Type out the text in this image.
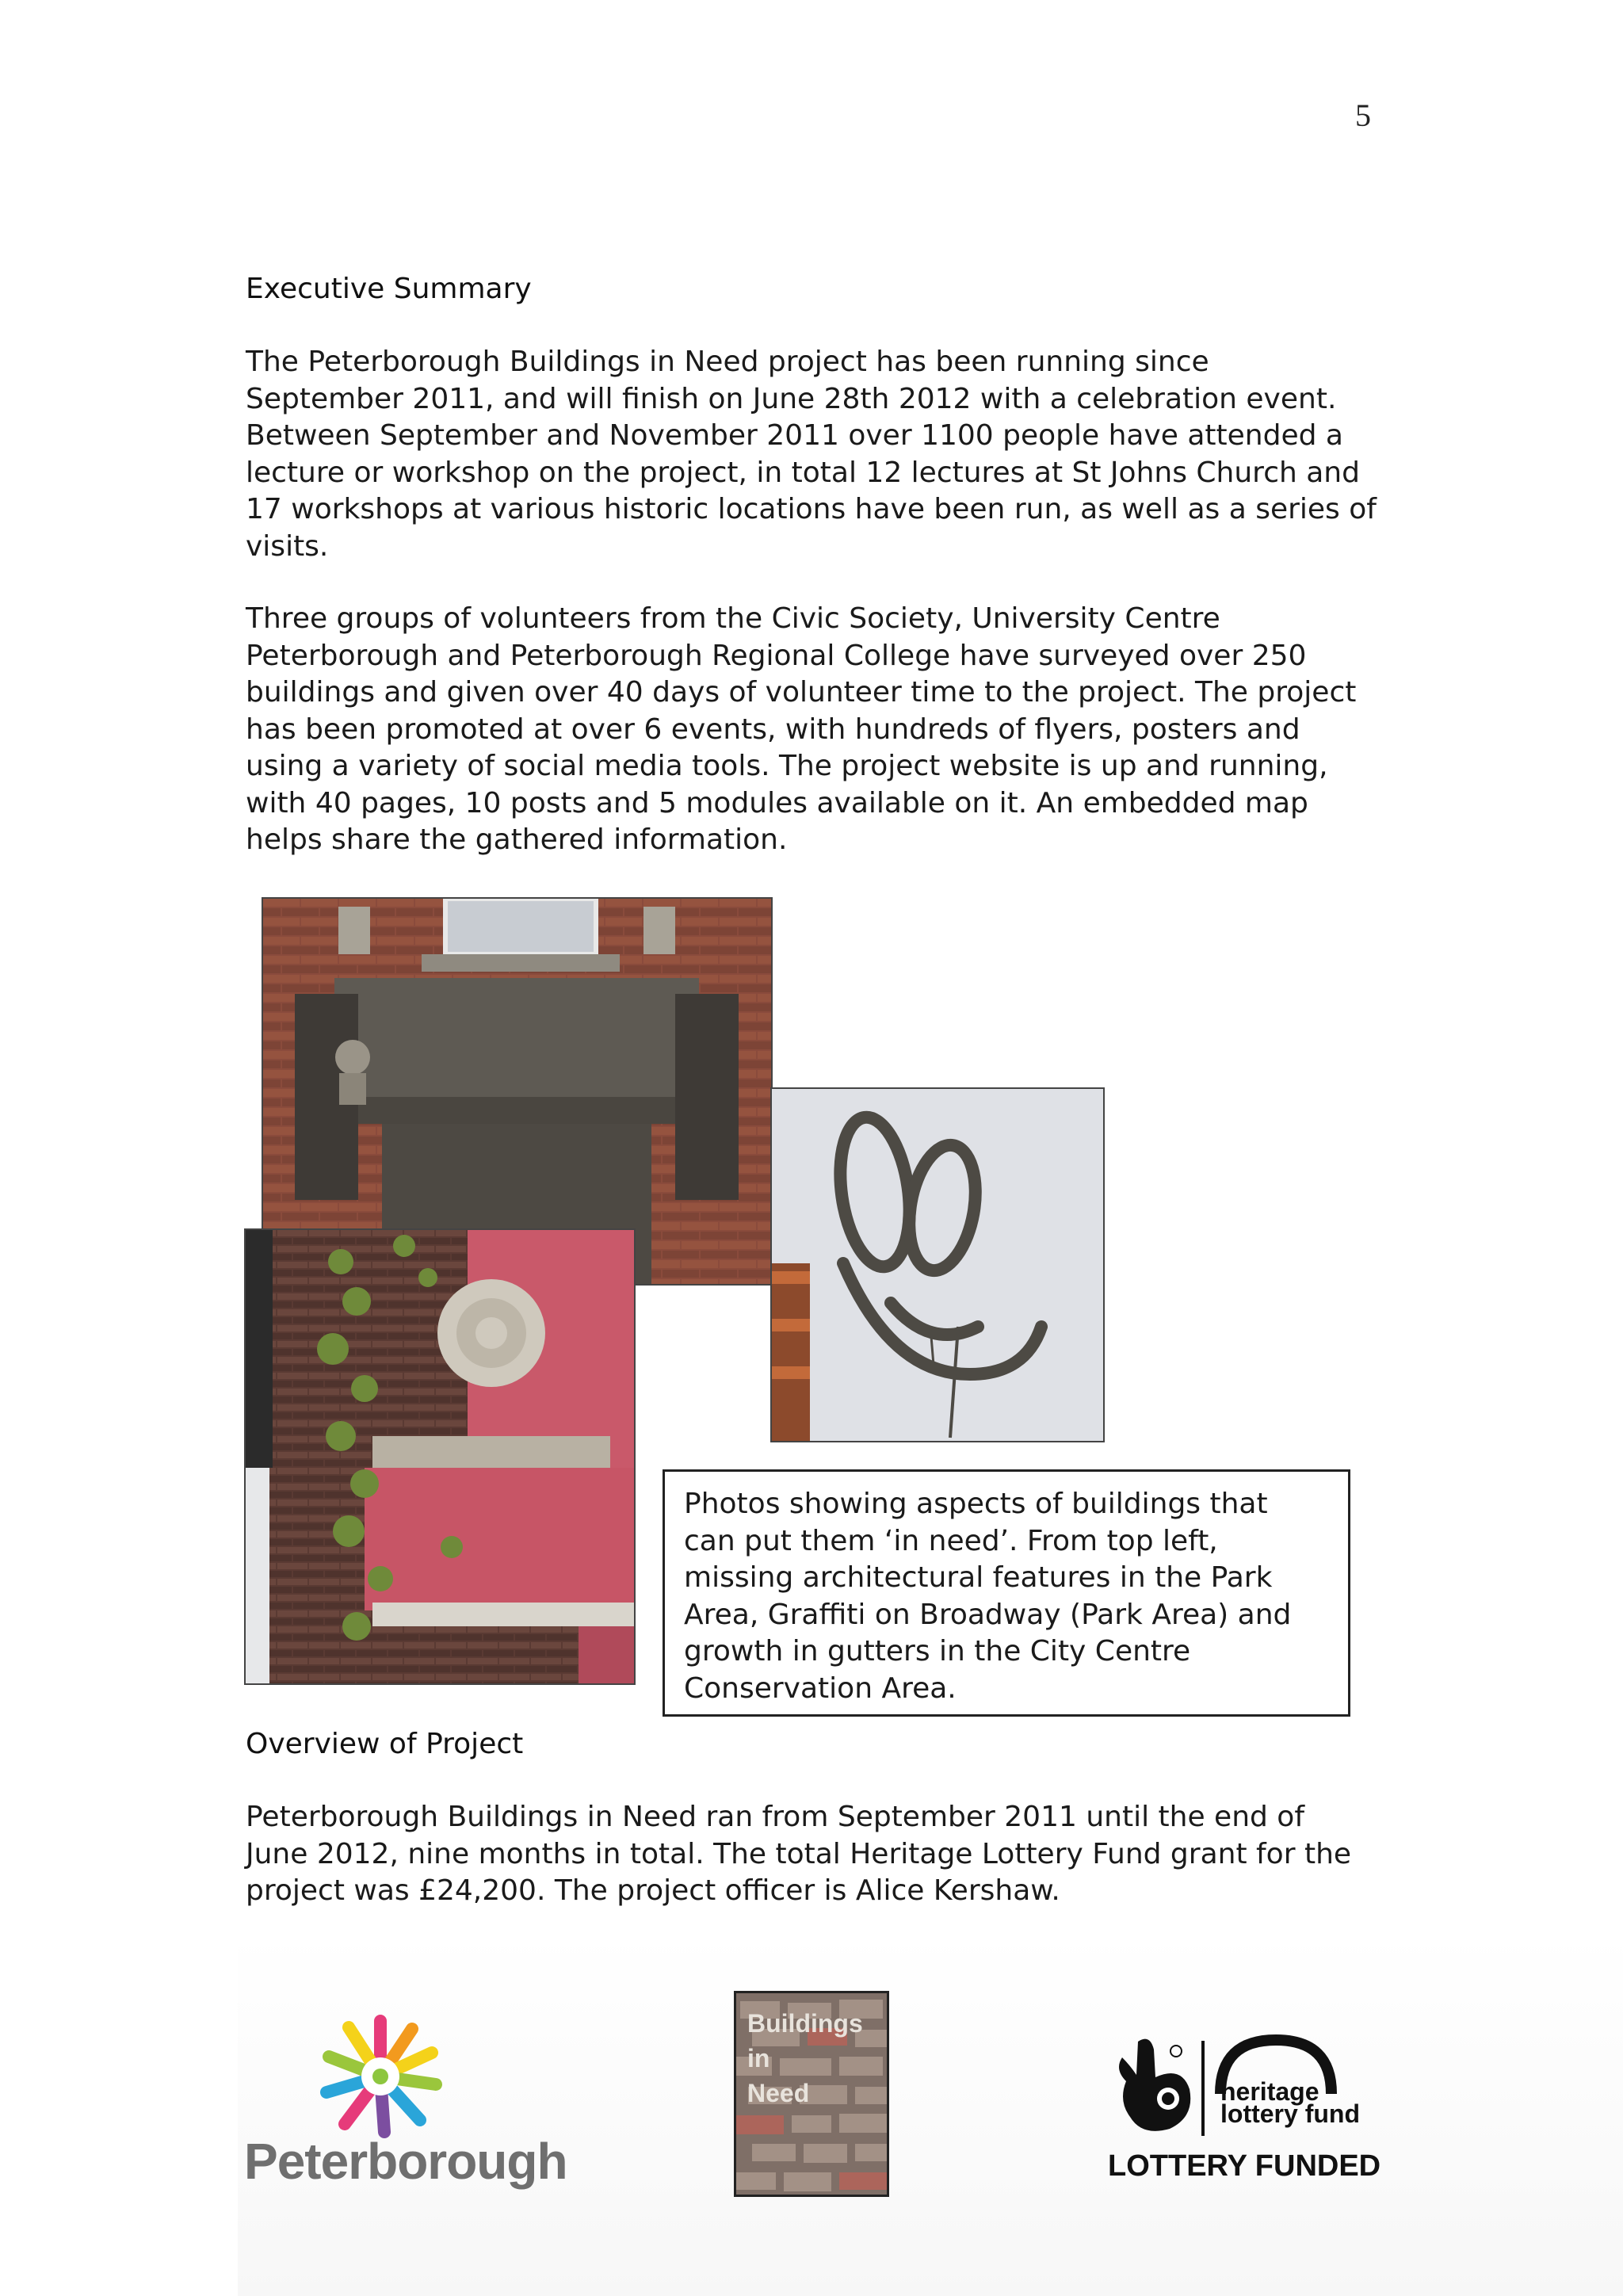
5
Executive Summary

The Peterborough Buildings in Need project has been running since
September 2011, and will finish on June 28th 2012 with a celebration event.
Between September and November 2011 over 1100 people have attended a
lecture or workshop on the project, in total 12 lectures at St Johns Church and
17 workshops at various historic locations have been run, as well as a series of
visits.

Three groups of volunteers from the Civic Society, University Centre
Peterborough and Peterborough Regional College have surveyed over 250
buildings and given over 40 days of volunteer time to the project. The project
has been promoted at over 6 events, with hundreds of flyers, posters and
using a variety of social media tools. The project website is up and running,
with 40 pages, 10 posts and 5 modules available on it. An embedded map
helps share the gathered information.

Photos showing aspects of buildings that
can put them ‘in need’. From top left,
missing architectural features in the Park
Area, Graffiti on Broadway (Park Area) and
growth in gutters in the City Centre
Conservation Area.

Overview of Project

Peterborough Buildings in Need ran from September 2011 until the end of
June 2012, nine months in total. The total Heritage Lottery Fund grant for the
project was £24,200. The project officer is Alice Kershaw.

Peterborough
Buildings
in
Need	heritage
lottery fund
LOTTERY FUNDED
